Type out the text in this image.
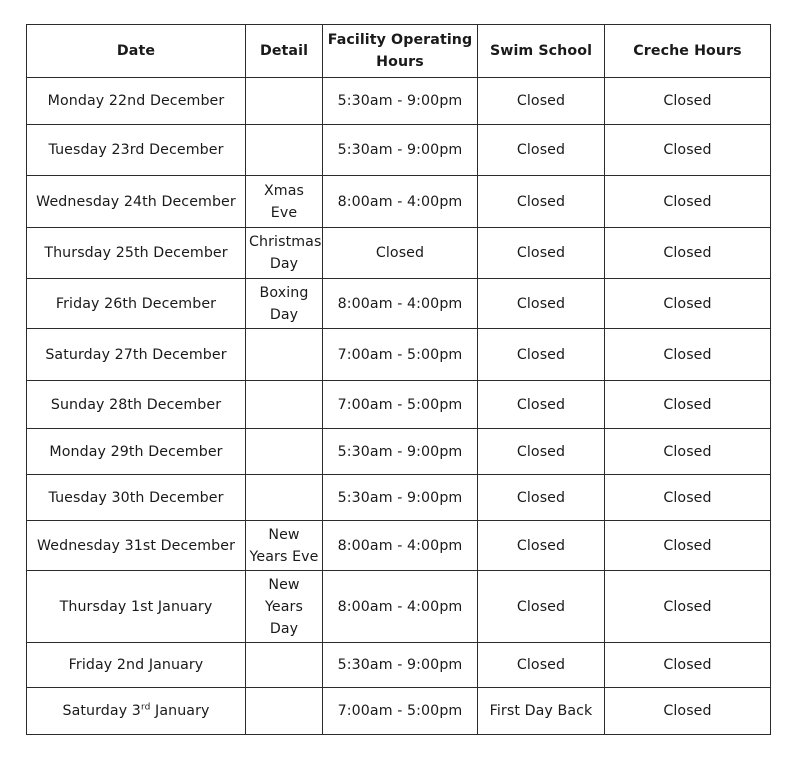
Date	Detail	Facility Operating Hours	Swim School	Creche Hours
Monday 22nd December		5:30am - 9:00pm	Closed	Closed
Tuesday 23rd December		5:30am - 9:00pm	Closed	Closed
Wednesday 24th December	Xmas Eve	8:00am - 4:00pm	Closed	Closed
Thursday 25th December	Christmas Day	Closed	Closed	Closed
Friday 26th December	Boxing Day	8:00am - 4:00pm	Closed	Closed
Saturday 27th December		7:00am - 5:00pm	Closed	Closed
Sunday 28th December		7:00am - 5:00pm	Closed	Closed
Monday 29th December		5:30am - 9:00pm	Closed	Closed
Tuesday 30th December		5:30am - 9:00pm	Closed	Closed
Wednesday 31st December	New Years Eve	8:00am - 4:00pm	Closed	Closed
Thursday 1st January	New Years Day	8:00am - 4:00pm	Closed	Closed
Friday 2nd January		5:30am - 9:00pm	Closed	Closed
Saturday 3rd January		7:00am - 5:00pm	First Day Back	Closed
